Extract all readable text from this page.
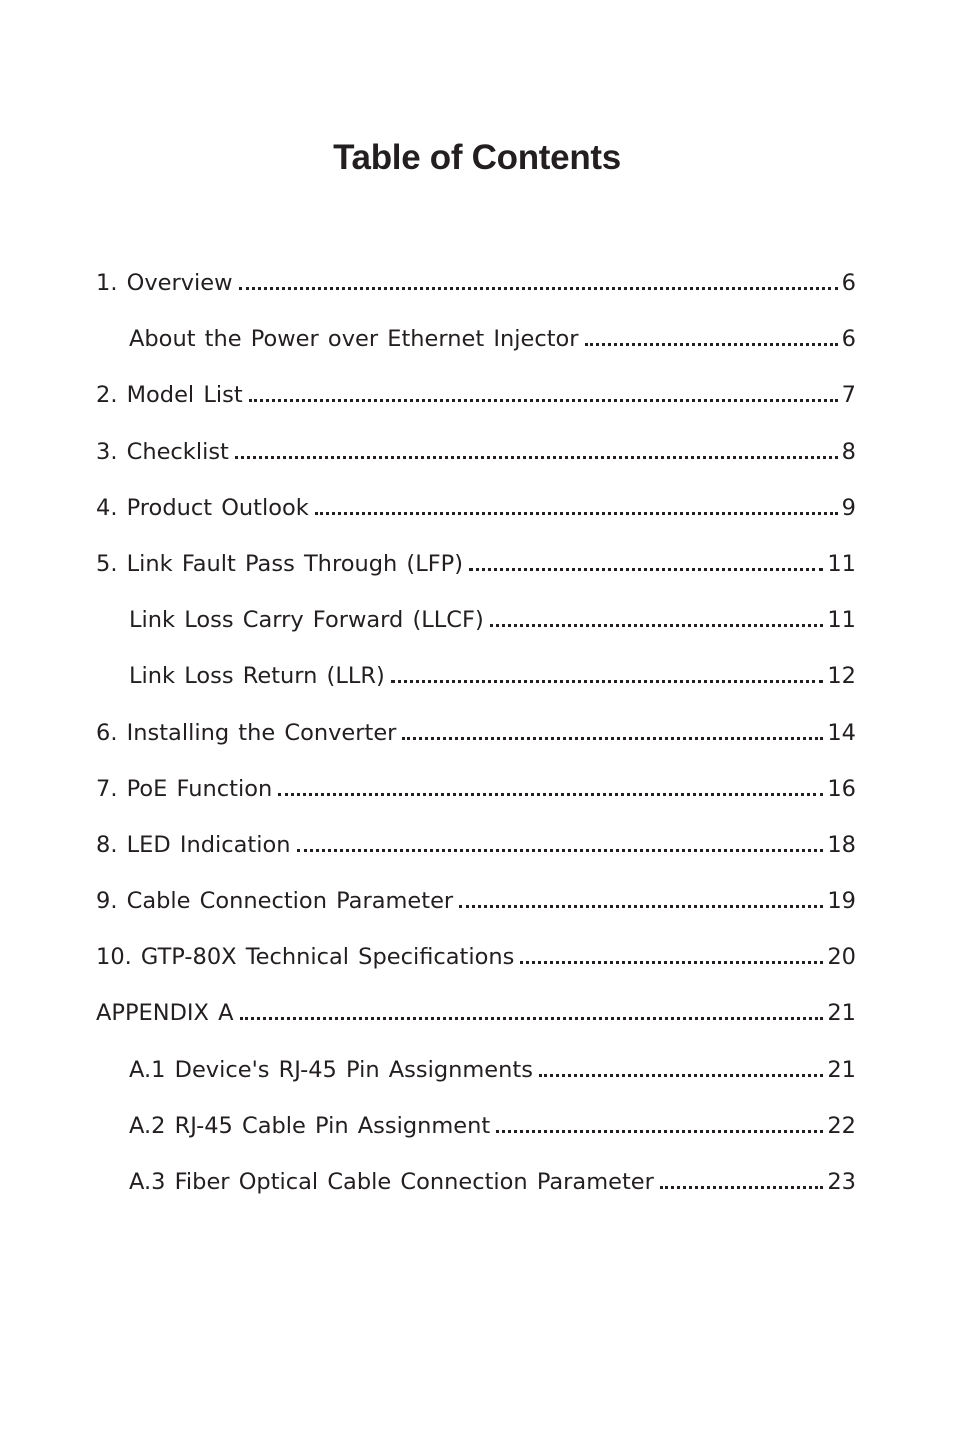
Table of Contents
1. Overview	6
About the Power over Ethernet Injector	6
2. Model List	7
3. Checklist	8
4. Product Outlook	9
5. Link Fault Pass Through (LFP)	11
Link Loss Carry Forward (LLCF)	11
Link Loss Return (LLR)	12
6. Installing the Converter	14
7. PoE Function	16
8. LED Indication	18
9. Cable Connection Parameter	19
10. GTP-80X Technical Specifications	20
APPENDIX A	21
A.1 Device's RJ-45 Pin Assignments	21
A.2 RJ-45 Cable Pin Assignment	22
A.3 Fiber Optical Cable Connection Parameter	23
